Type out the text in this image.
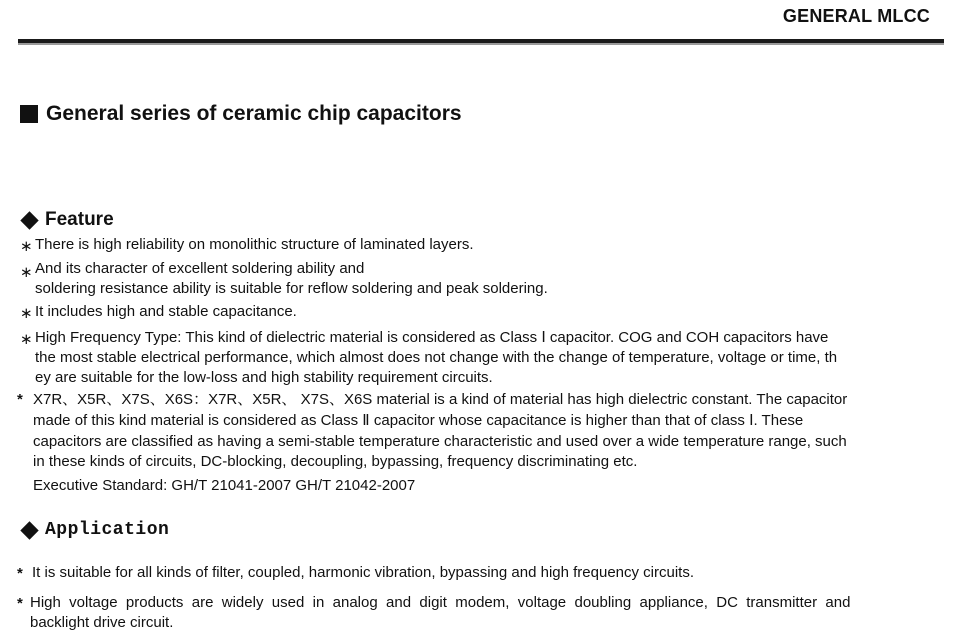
GENERAL MLCC
General series of ceramic chip capacitors
Feature
∗ There is high reliability on monolithic structure of laminated layers.
∗ And its character of excellent soldering ability and
soldering resistance ability is suitable for reflow soldering and peak soldering.
∗ It includes high and stable capacitance.
∗ High Frequency Type: This kind of dielectric material is considered as Class Ⅰ capacitor. COG and COH capacitors have
the most stable electrical performance, which almost does not change with the change of temperature, voltage or time, th
ey are suitable for the low-loss and high stability requirement circuits.
* X7R、X5R、X7S、X6S：X7R、X5R、 X7S、X6S material is a kind of material has high dielectric constant. The capacitor
made of this kind material is considered as Class Ⅱ capacitor whose capacitance is higher than that of class Ⅰ. These
capacitors are classified as having a semi-stable temperature characteristic and used over a wide temperature range, such
in these kinds of circuits, DC-blocking, decoupling, bypassing, frequency discriminating etc.
Executive Standard: GH/T 21041-2007 GH/T 21042-2007
Application
* It is suitable for all kinds of filter, coupled, harmonic vibration, bypassing and high frequency circuits.
* High  voltage  products  are  widely  used  in  analog  and  digit  modem,  voltage  doubling  appliance,  DC  transmitter  and
backlight drive circuit.
